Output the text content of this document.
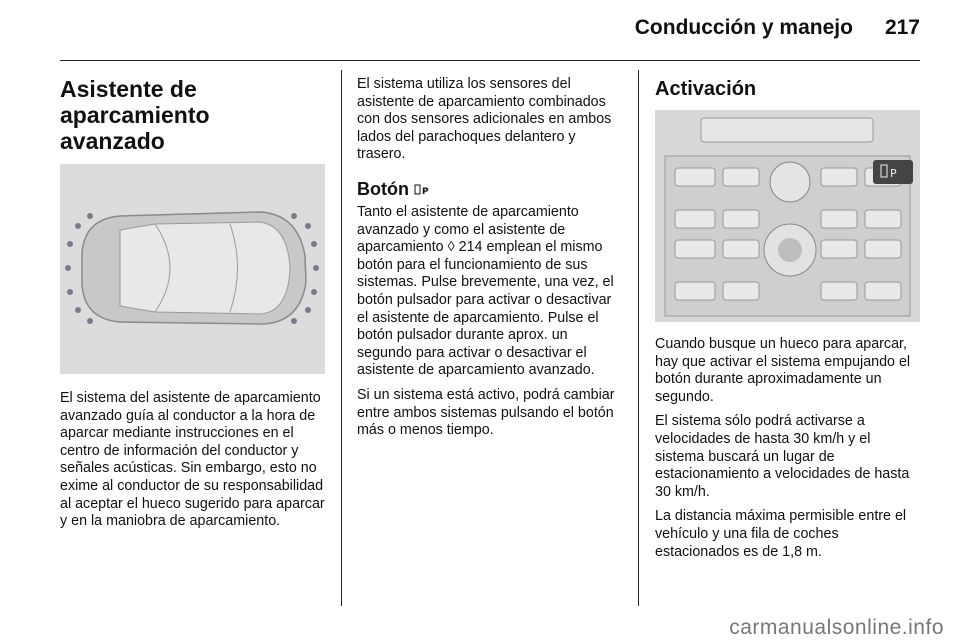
Conducción y manejo 217
Asistente de aparcamiento
avanzado

El sistema del asistente de aparcamiento avanzado guía al conductor a la hora de aparcar mediante instrucciones en el centro de información del conductor y señales acústicas. Sin embargo, esto no exime al conductor de su responsabilidad al aceptar el hueco sugerido para aparcar y en la maniobra de aparcamiento.

El sistema utiliza los sensores del asistente de aparcamiento combinados con dos sensores adicionales en ambos lados del parachoques delantero y trasero.

Botón P

Tanto el asistente de aparcamiento avanzado y como el asistente de aparcamiento ◊ 214 emplean el mismo botón para el funcionamiento de sus sistemas. Pulse brevemente, una vez, el botón pulsador para activar o desactivar el asistente de aparcamiento. Pulse el botón pulsador durante aprox. un segundo para activar o desactivar el asistente de aparcamiento avanzado.

Si un sistema está activo, podrá cambiar entre ambos sistemas pulsando el botón más o menos tiempo.

Activación
P

Cuando busque un hueco para aparcar, hay que activar el sistema empujando el botón durante aproximadamente un segundo.

El sistema sólo podrá activarse a velocidades de hasta 30 km/h y el sistema buscará un lugar de estacionamiento a velocidades de hasta 30 km/h.

La distancia máxima permisible entre el vehículo y una fila de coches estacionados es de 1,8 m.

carmanualsonline.info
